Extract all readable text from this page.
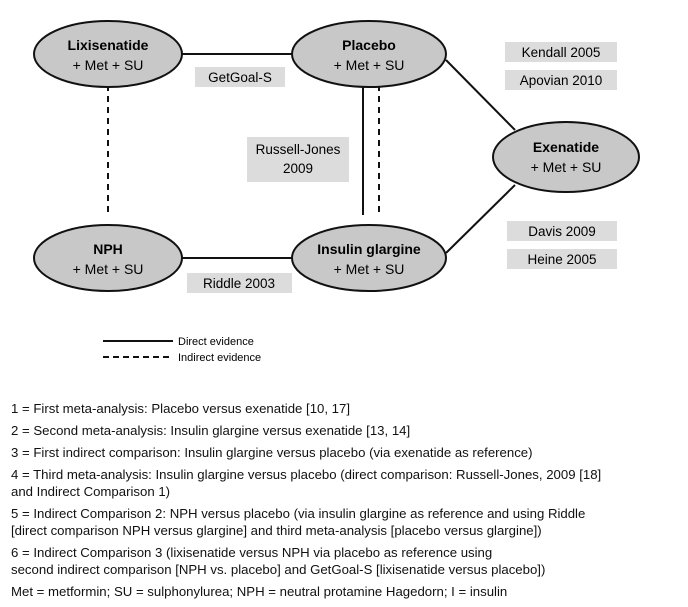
Lixisenatide
+ Met + SU
Placebo
+ Met + SU
Exenatide
+ Met + SU
NPH
+ Met + SU
Insulin glargine
+ Met + SU
GetGoal-S
Kendall 2005
Apovian 2010
Russell-Jones
2009
Davis 2009
Heine 2005
Riddle 2003
Direct evidence
Indirect evidence
1 = First meta-analysis: Placebo versus exenatide [10, 17]
2 = Second meta-analysis: Insulin glargine versus exenatide [13, 14]
3 = First indirect comparison: Insulin glargine versus placebo (via exenatide as reference)
4 = Third meta-analysis: Insulin glargine versus placebo (direct comparison: Russell-Jones, 2009 [18]
and Indirect Comparison 1)
5 = Indirect Comparison 2: NPH versus placebo (via insulin glargine as reference and using Riddle
[direct comparison NPH versus glargine] and third meta-analysis [placebo versus glargine])
6 = Indirect Comparison 3 (lixisenatide versus NPH via placebo as reference using
second indirect comparison [NPH vs. placebo] and GetGoal-S [lixisenatide versus placebo])
Met = metformin; SU = sulphonylurea; NPH = neutral protamine Hagedorn; I = insulin
